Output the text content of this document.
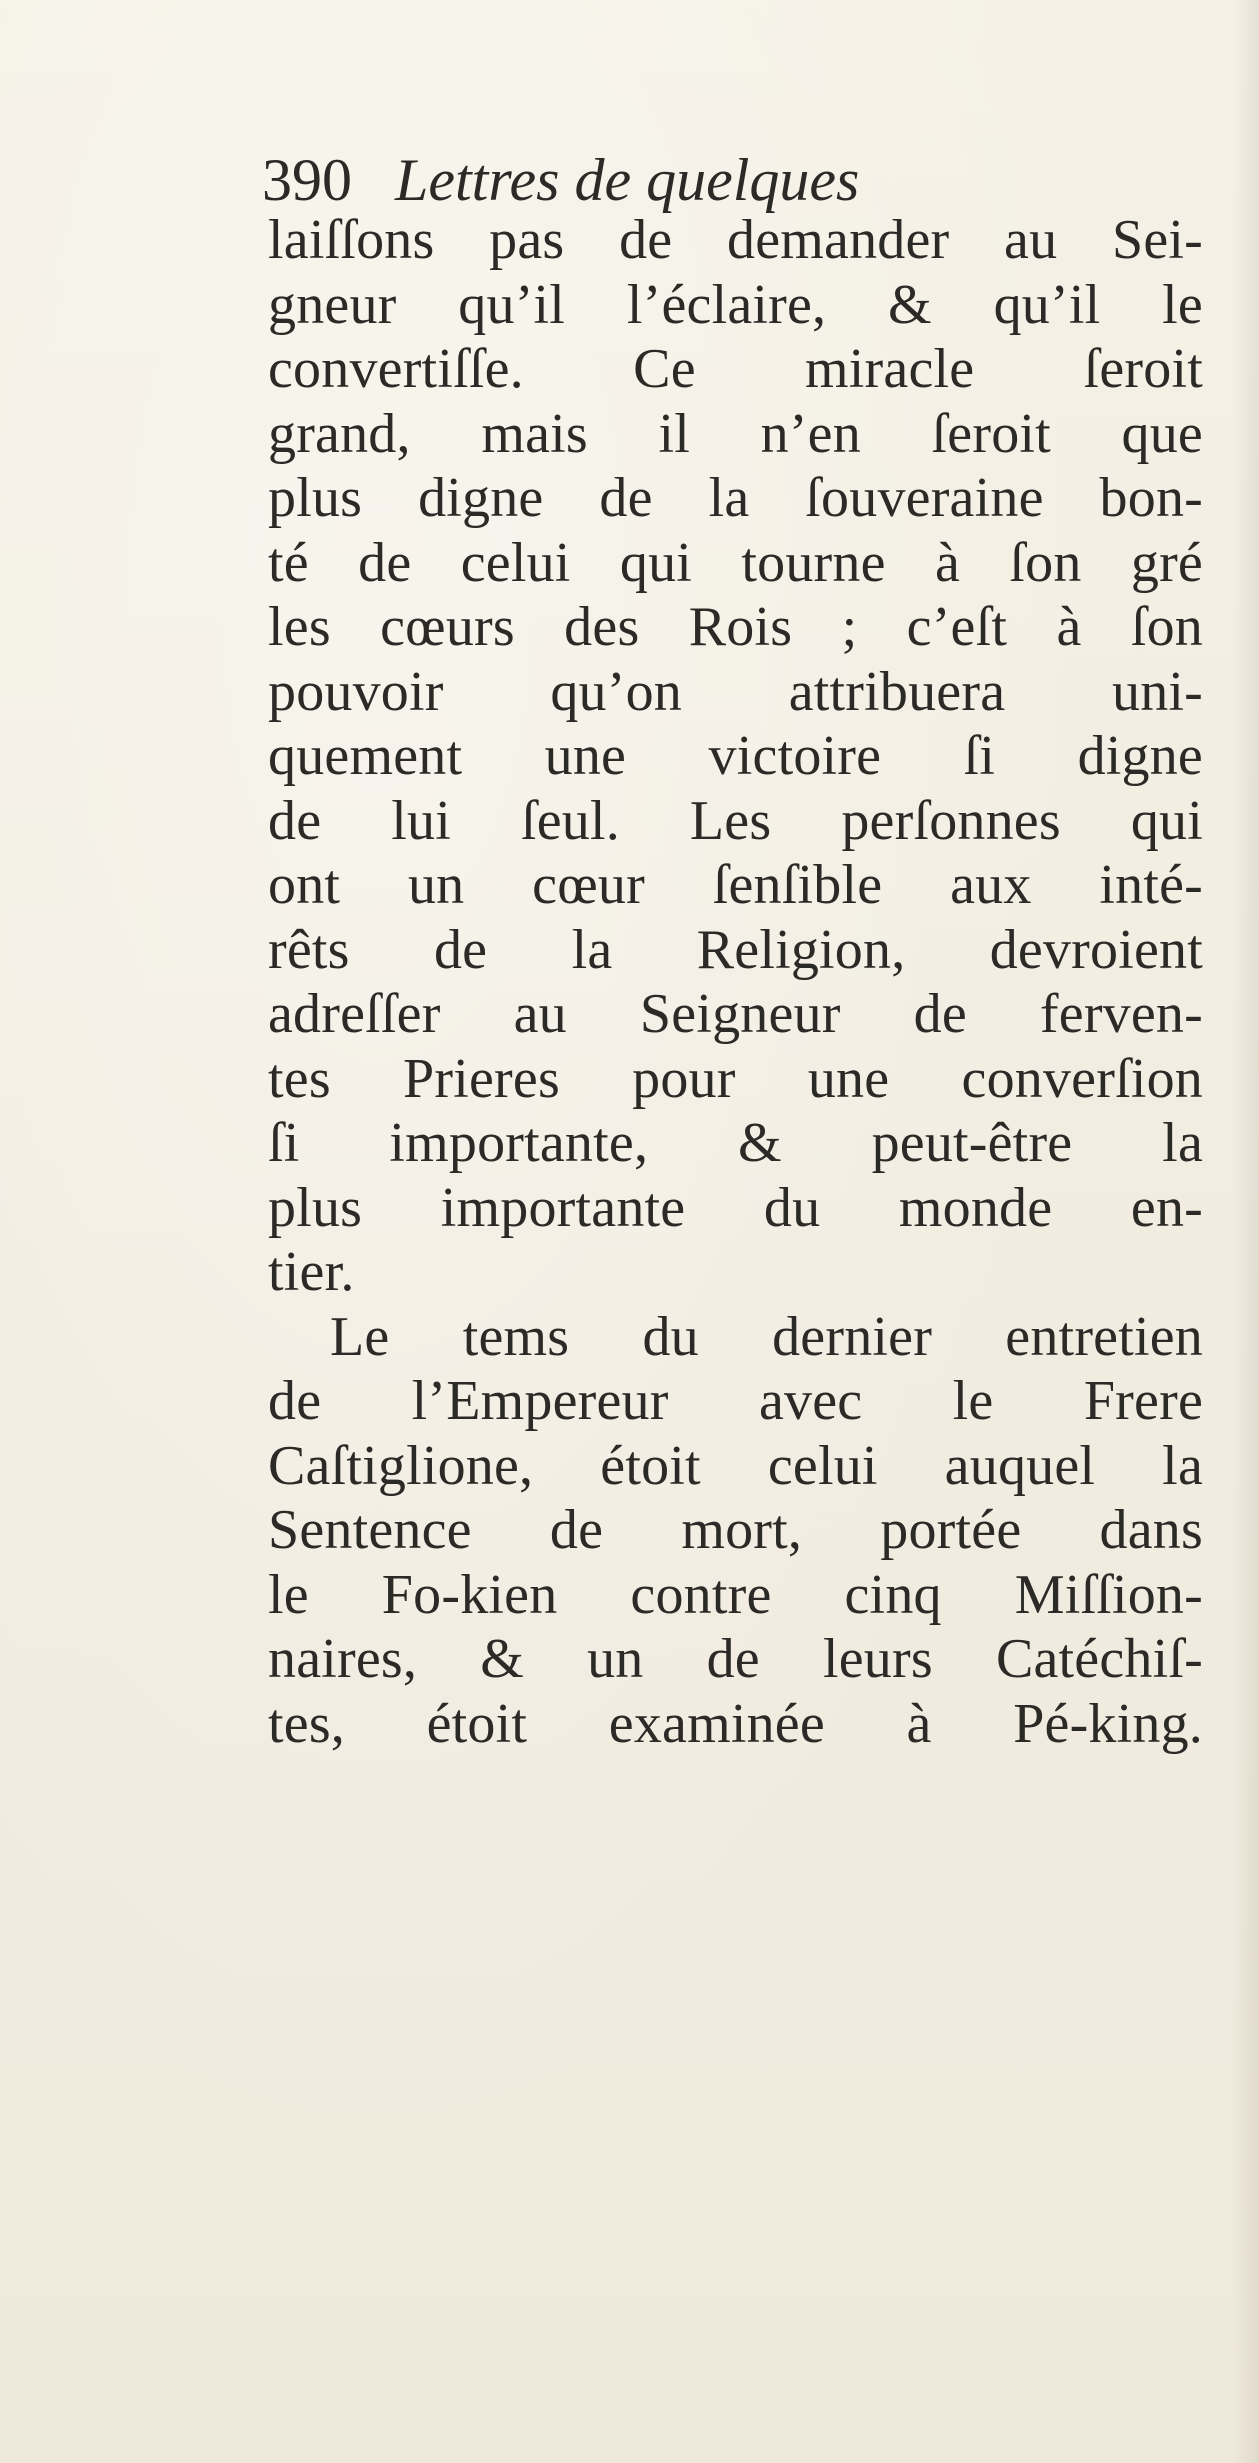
390 Lettres de quelques
laiſſons pas de demander au Sei-
gneur qu’il l’éclaire, & qu’il le
convertiſſe. Ce miracle ſeroit
grand, mais il n’en ſeroit que
plus digne de la ſouveraine bon-
té de celui qui tourne à ſon gré
les cœurs des Rois ; c’eſt à ſon
pouvoir qu’on attribuera uni-
quement une victoire ſi digne
de lui ſeul. Les perſonnes qui
ont un cœur ſenſible aux inté-
rêts de la Religion, devroient
adreſſer au Seigneur de ferven-
tes Prieres pour une converſion
ſi importante, & peut-être la
plus importante du monde en-
tier.
Le tems du dernier entretien
de l’Empereur avec le Frere
Caſtiglione, étoit celui auquel la
Sentence de mort, portée dans
le Fo-kien contre cinq Miſſion-
naires, & un de leurs Catéchiſ-
tes, étoit examinée à Pé-king.
